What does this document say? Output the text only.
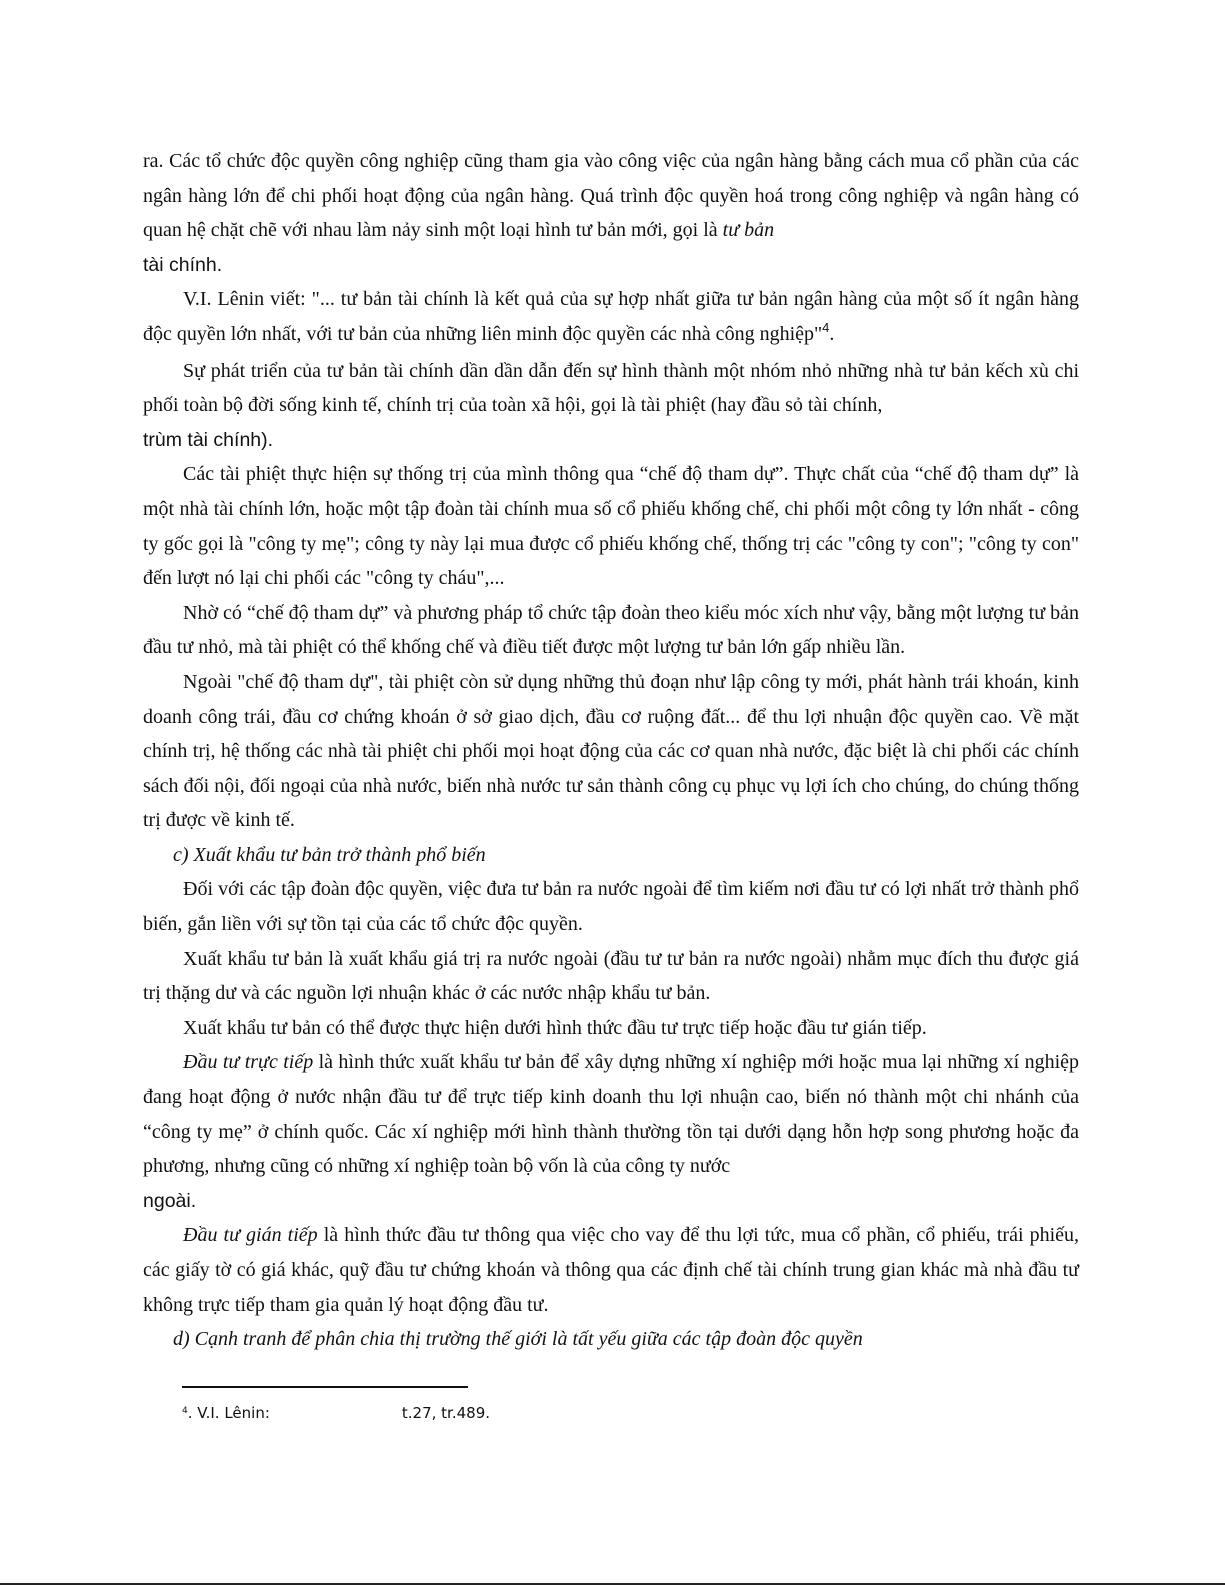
ra. Các tổ chức độc quyền công nghiệp cũng tham gia vào công việc của ngân hàng bằng cách mua cổ phần của các ngân hàng lớn để chi phối hoạt động của ngân hàng. Quá trình độc quyền hoá trong công nghiệp và ngân hàng có quan hệ chặt chẽ với nhau làm nảy sinh một loại hình tư bản mới, gọi là tư bản
tài chính.

V.I. Lênin viết: "... tư bản tài chính là kết quả của sự hợp nhất giữa tư bản ngân hàng của một số ít ngân hàng độc quyền lớn nhất, với tư bản của những liên minh độc quyền các nhà công nghiệp"$^4$.

Sự phát triển của tư bản tài chính dần dần dẫn đến sự hình thành một nhóm nhỏ những nhà tư bản kếch xù chi phối toàn bộ đời sống kinh tế, chính trị của toàn xã hội, gọi là tài phiệt (hay đầu sỏ tài chính,
trùm tài chính).

Các tài phiệt thực hiện sự thống trị của mình thông qua “chế độ tham dự”. Thực chất của “chế độ tham dự” là một nhà tài chính lớn, hoặc một tập đoàn tài chính mua số cổ phiếu khống chế, chi phối một công ty lớn nhất - công ty gốc gọi là "công ty mẹ"; công ty này lại mua được cổ phiếu khống chế, thống trị các "công ty con"; "công ty con" đến lượt nó lại chi phối các "công ty cháu",...

Nhờ có “chế độ tham dự” và phương pháp tổ chức tập đoàn theo kiểu móc xích như vậy, bằng một lượng tư bản đầu tư nhỏ, mà tài phiệt có thể khống chế và điều tiết được một lượng tư bản lớn gấp nhiều lần.

Ngoài "chế độ tham dự", tài phiệt còn sử dụng những thủ đoạn như lập công ty mới, phát hành trái khoán, kinh doanh công trái, đầu cơ chứng khoán ở sở giao dịch, đầu cơ ruộng đất... để thu lợi nhuận độc quyền cao. Về mặt chính trị, hệ thống các nhà tài phiệt chi phối mọi hoạt động của các cơ quan nhà nước, đặc biệt là chi phối các chính sách đối nội, đối ngoại của nhà nước, biến nhà nước tư sản thành công cụ phục vụ lợi ích cho chúng, do chúng thống trị được về kinh tế.

c) Xuất khẩu tư bản trở thành phổ biến

Đối với các tập đoàn độc quyền, việc đưa tư bản ra nước ngoài để tìm kiếm nơi đầu tư có lợi nhất trở thành phổ biến, gắn liền với sự tồn tại của các tổ chức độc quyền.

Xuất khẩu tư bản là xuất khẩu giá trị ra nước ngoài (đầu tư tư bản ra nước ngoài) nhằm mục đích thu được giá trị thặng dư và các nguồn lợi nhuận khác ở các nước nhập khẩu tư bản.

Xuất khẩu tư bản có thể được thực hiện dưới hình thức đầu tư trực tiếp hoặc đầu tư gián tiếp.

Đầu tư trực tiếp là hình thức xuất khẩu tư bản để xây dựng những xí nghiệp mới hoặc mua lại những xí nghiệp đang hoạt động ở nước nhận đầu tư để trực tiếp kinh doanh thu lợi nhuận cao, biến nó thành một chi nhánh của “công ty mẹ” ở chính quốc. Các xí nghiệp mới hình thành thường tồn tại dưới dạng hỗn hợp song phương hoặc đa phương, nhưng cũng có những xí nghiệp toàn bộ vốn là của công ty nước
ngoài.

Đầu tư gián tiếp là hình thức đầu tư thông qua việc cho vay để thu lợi tức, mua cổ phần, cổ phiếu, trái phiếu, các giấy tờ có giá khác, quỹ đầu tư chứng khoán và thông qua các định chế tài chính trung gian khác mà nhà đầu tư không trực tiếp tham gia quản lý hoạt động đầu tư.

d) Cạnh tranh để phân chia thị trường thế giới là tất yếu giữa các tập đoàn độc quyền

$^4$. V.I. Lênin:	t.27, tr.489.
